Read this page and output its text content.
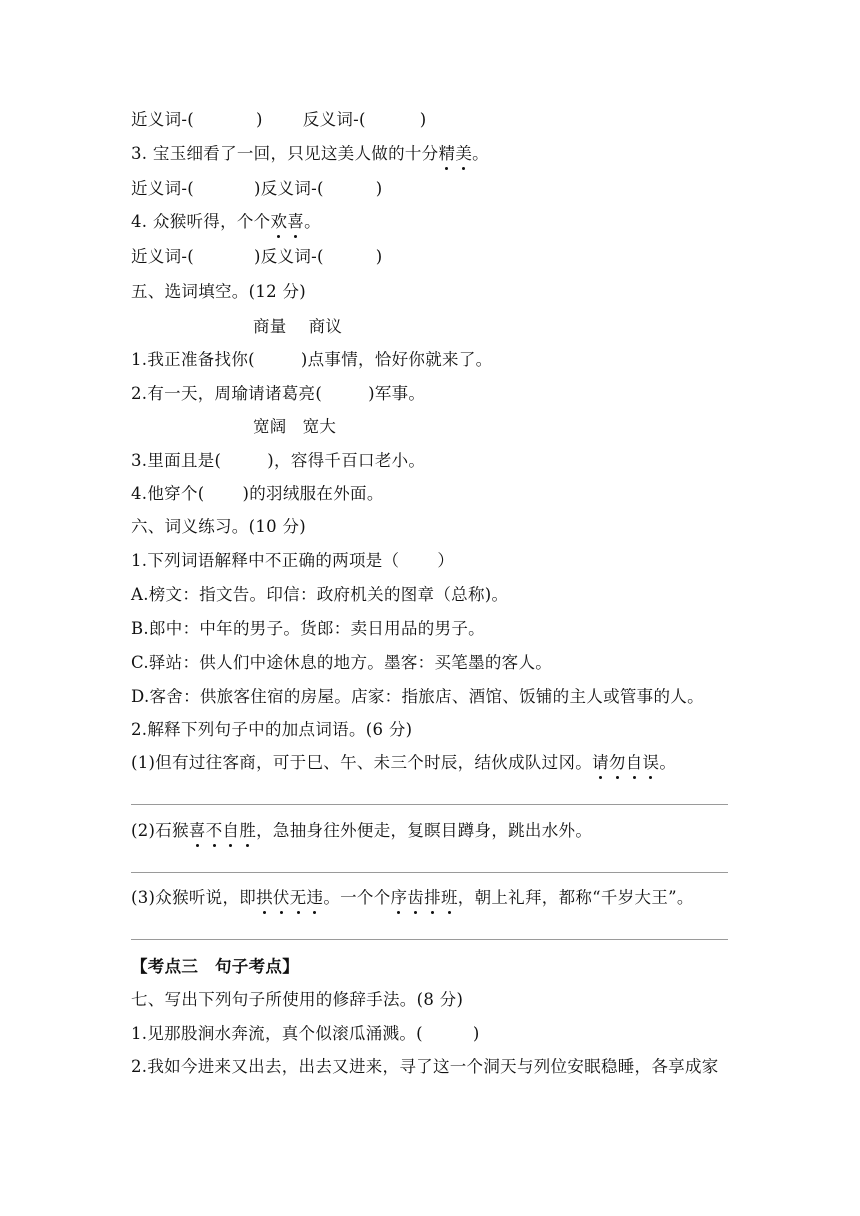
近义词-(	) 反义词-(	)
3. 宝玉细看了一回，只见这美人做的十分精美。
近义词-(	)反义词-(	)
4. 众猴听得，个个欢喜。
近义词-(	)反义词-(	)
五、选词填空。(12 分)
商量 商议
1.我正准备找你(	)点事情，恰好你就来了。
2.有一天，周瑜请诸葛亮(	)军事。
宽阔 宽大
3.里面且是(	)，容得千百口老小。
4.他穿个( )的羽绒服在外面。
六、词义练习。(10 分)
1.下列词语解释中不正确的两项是（ ）
A.榜文：指文告。印信：政府机关的图章（总称)。
B.郎中：中年的男子。货郎：卖日用品的男子。
C.驿站：供人们中途休息的地方。墨客：买笔墨的客人。
D.客舍：供旅客住宿的房屋。店家：指旅店、酒馆、饭铺的主人或管事的人。
2.解释下列句子中的加点词语。(6 分)
(1)但有过往客商，可于巳、午、未三个时辰，结伙成队过冈。请勿自误。
(2)石猴喜不自胜，急抽身往外便走，复瞑目蹲身，跳出水外。
(3)众猴听说，即拱伏无违。一个个序齿排班，朝上礼拜，都称“千岁大王”。
【考点三　句子考点】
七、写出下列句子所使用的修辞手法。(8 分)
1.见那股涧水奔流，真个似滚瓜涌溅。(	)
2.我如今进来又出去，出去又进来，寻了这一个洞天与列位安眠稳睡，各享成家
